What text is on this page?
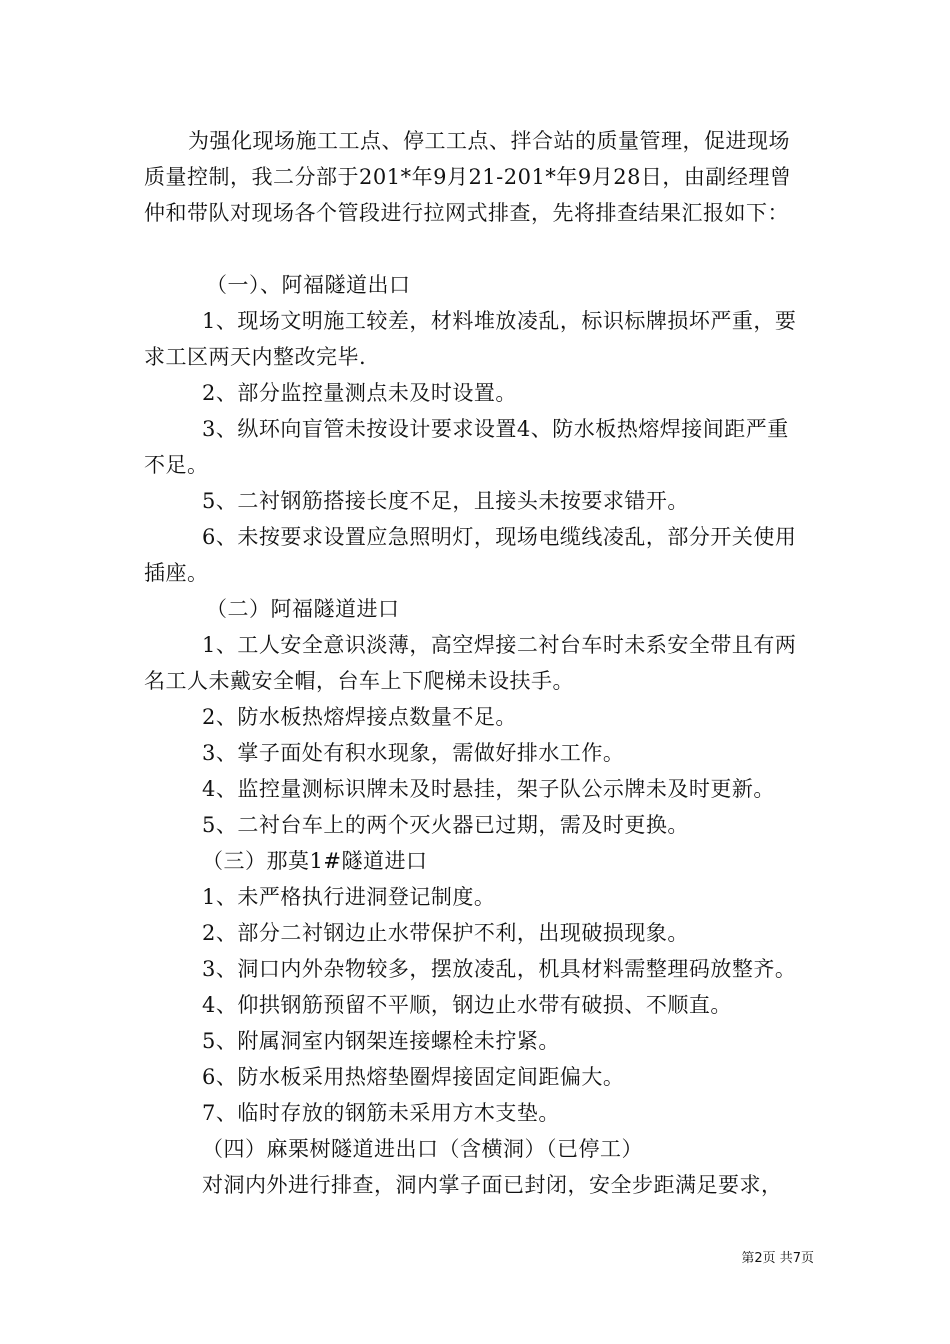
为强化现场施工工点、停工工点、拌合站的质量管理，促进现场质量控制，我二分部于201*年9月21-201*年9月28日，由副经理曾仲和带队对现场各个管段进行拉网式排查，先将排查结果汇报如下：
（一）、阿福隧道出口
1、现场文明施工较差，材料堆放凌乱，标识标牌损坏严重，要求工区两天内整改完毕.
2、部分监控量测点未及时设置。
3、纵环向盲管未按设计要求设置4、防水板热熔焊接间距严重不足。
5、二衬钢筋搭接长度不足，且接头未按要求错开。
6、未按要求设置应急照明灯，现场电缆线凌乱，部分开关使用插座。
（二）阿福隧道进口
1、工人安全意识淡薄，高空焊接二衬台车时未系安全带且有两名工人未戴安全帽，台车上下爬梯未设扶手。
2、防水板热熔焊接点数量不足。
3、掌子面处有积水现象，需做好排水工作。
4、监控量测标识牌未及时悬挂，架子队公示牌未及时更新。
5、二衬台车上的两个灭火器已过期，需及时更换。
（三）那莫1#隧道进口
1、未严格执行进洞登记制度。
2、部分二衬钢边止水带保护不利，出现破损现象。
3、洞口内外杂物较多，摆放凌乱，机具材料需整理码放整齐。
4、仰拱钢筋预留不平顺，钢边止水带有破损、不顺直。
5、附属洞室内钢架连接螺栓未拧紧。
6、防水板采用热熔垫圈焊接固定间距偏大。
7、临时存放的钢筋未采用方木支垫。
（四）麻栗树隧道进出口（含横洞）（已停工）
对洞内外进行排查，洞内掌子面已封闭，安全步距满足要求，
第2页 共7页
